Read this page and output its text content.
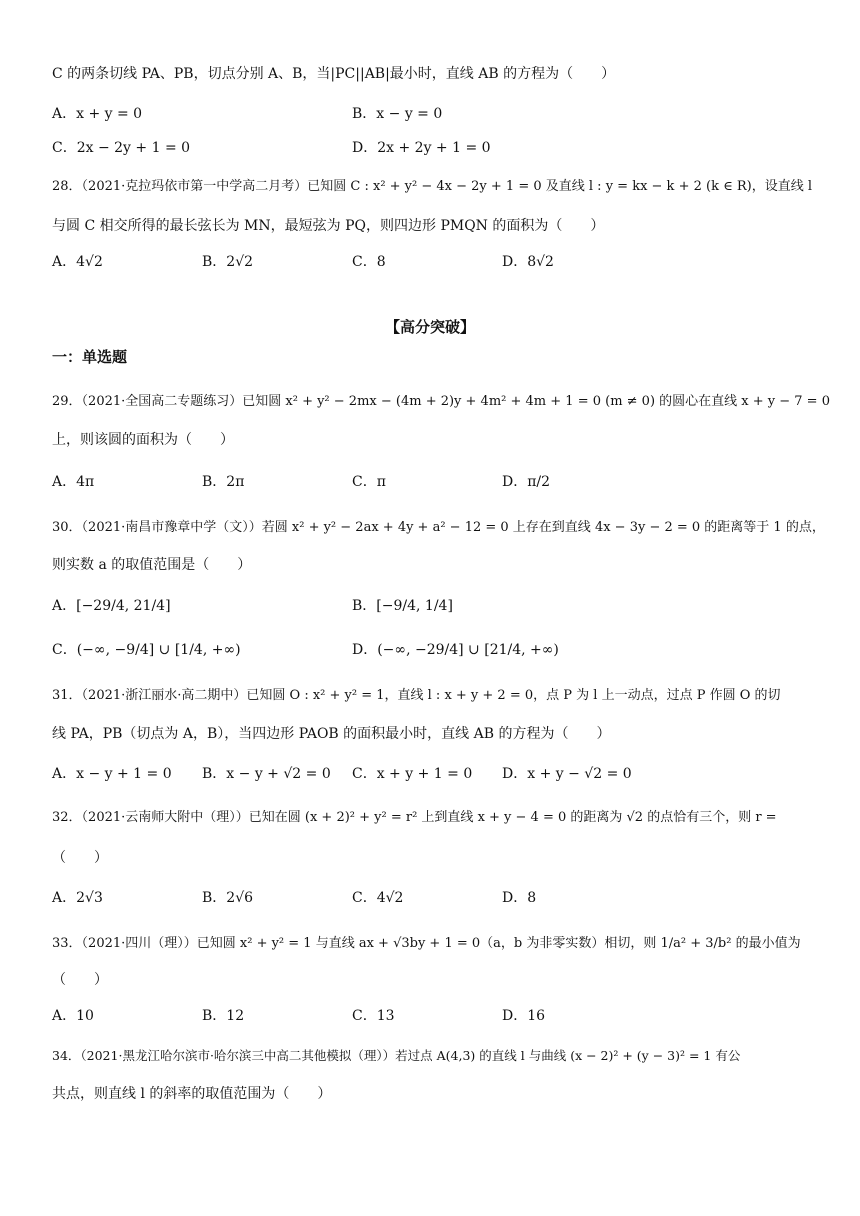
C 的两条切线 PA、PB，切点分别 A、B，当|PC||AB|最小时，直线 AB 的方程为（　　）
A．x + y = 0	B．x − y = 0
C．2x − 2y + 1 = 0	D．2x + 2y + 1 = 0
28．（2021·克拉玛依市第一中学高二月考）已知圆 C : x² + y² − 4x − 2y + 1 = 0 及直线 l : y = kx − k + 2 (k ∈ R)，设直线 l
与圆 C 相交所得的最长弦长为 MN，最短弦为 PQ，则四边形 PMQN 的面积为（　　）
A．4√2	B．2√2	C．8	D．8√2
【高分突破】
一：单选题
29．（2021·全国高二专题练习）已知圆 x² + y² − 2mx − (4m + 2)y + 4m² + 4m + 1 = 0 (m ≠ 0) 的圆心在直线 x + y − 7 = 0
上，则该圆的面积为（　　）
A．4π	B．2π	C．π	D．π/2
30．（2021·南昌市豫章中学（文））若圆 x² + y² − 2ax + 4y + a² − 12 = 0 上存在到直线 4x − 3y − 2 = 0 的距离等于 1 的点，
则实数 a 的取值范围是（　　）
A．[−29/4, 21/4]	B．[−9/4, 1/4]
C．(−∞, −9/4] ∪ [1/4, +∞)	D．(−∞, −29/4] ∪ [21/4, +∞)
31．（2021·浙江丽水·高二期中）已知圆 O : x² + y² = 1，直线 l : x + y + 2 = 0，点 P 为 l 上一动点，过点 P 作圆 O 的切
线 PA，PB（切点为 A，B），当四边形 PAOB 的面积最小时，直线 AB 的方程为（　　）
A．x − y + 1 = 0 B．x − y + √2 = 0 C．x + y + 1 = 0 D．x + y − √2 = 0
32．（2021·云南师大附中（理））已知在圆 (x + 2)² + y² = r² 上到直线 x + y − 4 = 0 的距离为 √2 的点恰有三个，则 r =
（　　）
A．2√3	B．2√6	C．4√2	D．8
33．（2021·四川（理））已知圆 x² + y² = 1 与直线 ax + √3by + 1 = 0（a，b 为非零实数）相切，则 1/a² + 3/b² 的最小值为
（　　）
A．10	B．12	C．13	D．16
34．（2021·黑龙江哈尔滨市·哈尔滨三中高二其他模拟（理））若过点 A(4,3) 的直线 l 与曲线 (x − 2)² + (y − 3)² = 1 有公
共点，则直线 l 的斜率的取值范围为（　　）
